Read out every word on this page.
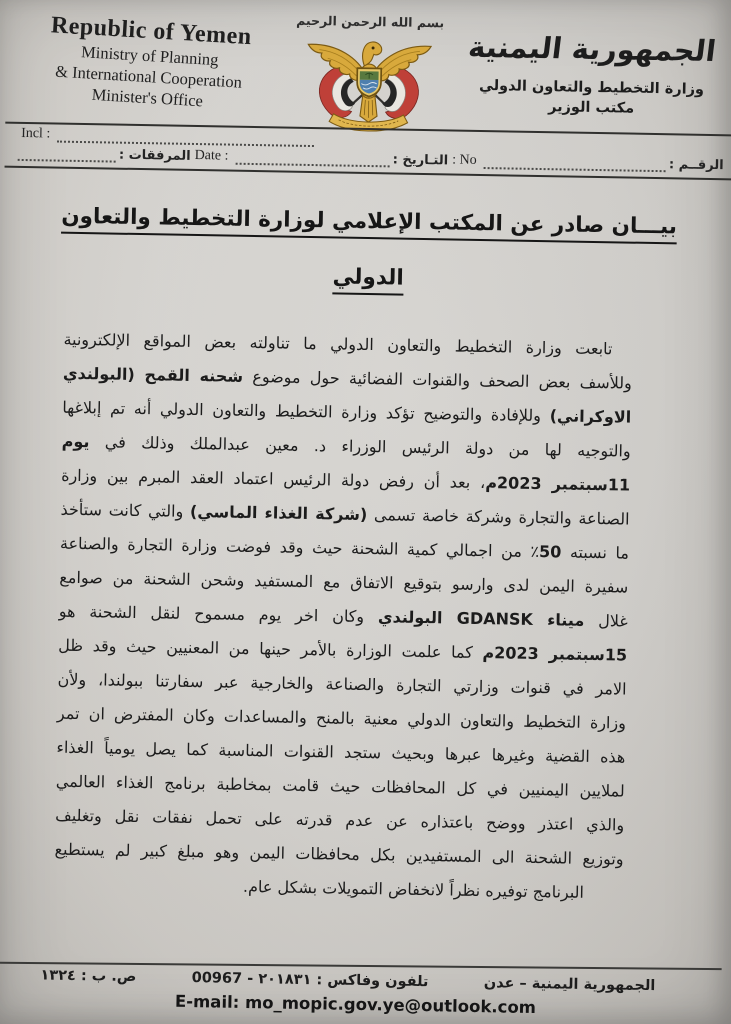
Republic of Yemen
Ministry of Planning
& International Cooperation
Minister's Office
بسم الله الرحمن الرحيم
الجمهورية اليمنية
وزارة التخطيط والتعاون الدولي
مكتب الوزير
Incl :
الرقــم :
No :
التـاريخ :
Date :
المرفقات :
بيـــان صادر عن المكتب الإعلامي لوزارة التخطيط والتعاون
الدولي
تابعت وزارة التخطيط والتعاون الدولي ما تناولته بعض المواقع الإلكترونية
وللأسف بعض الصحف والقنوات الفضائية حول موضوع شحنه القمح (البولندي
الاوكراني) وللإفادة والتوضيح تؤكد وزارة التخطيط والتعاون الدولي أنه تم إبلاغها
والتوجيه لها من دولة الرئيس الوزراء د. معين عبدالملك وذلك في يوم
11سبتمبر 2023م، بعد أن رفض دولة الرئيس اعتماد العقد المبرم بين وزارة
الصناعة والتجارة وشركة خاصة تسمى (شركة الغذاء الماسي) والتي كانت ستأخذ
ما نسبته 50‏٪ من اجمالي كمية الشحنة حيث وقد فوضت وزارة التجارة والصناعة
سفيرة اليمن لدى وارسو بتوقيع الاتفاق مع المستفيد وشحن الشحنة من صوامع
غلال ميناء GDANSK البولندي وكان اخر يوم مسموح لنقل الشحنة هو
15سبتمبر 2023م كما علمت الوزارة بالأمر حينها من المعنيين حيث وقد ظل
الامر في قنوات وزارتي التجارة والصناعة والخارجية عبر سفارتنا ببولندا، ولأن
وزارة التخطيط والتعاون الدولي معنية بالمنح والمساعدات وكان المفترض ان تمر
هذه القضية وغيرها عبرها وبحيث ستجد القنوات المناسبة كما يصل يومياً الغذاء
لملايين اليمنيين في كل المحافظات حيث قامت بمخاطبة برنامج الغذاء العالمي
والذي اعتذر ووضح باعتذاره عن عدم قدرته على تحمل نفقات نقل وتغليف
وتوزيع الشحنة الى المستفيدين بكل محافظات اليمن وهو مبلغ كبير لم يستطيع
البرنامج توفيره نظراً لانخفاض التمويلات بشكل عام.
الجمهورية اليمنية – عدن
تلفون وفاكس : ٢٠١٨٣١ - 00967
ص. ب : ١٣٢٤
E-mail: mo_mopic.gov.ye@outlook.com
